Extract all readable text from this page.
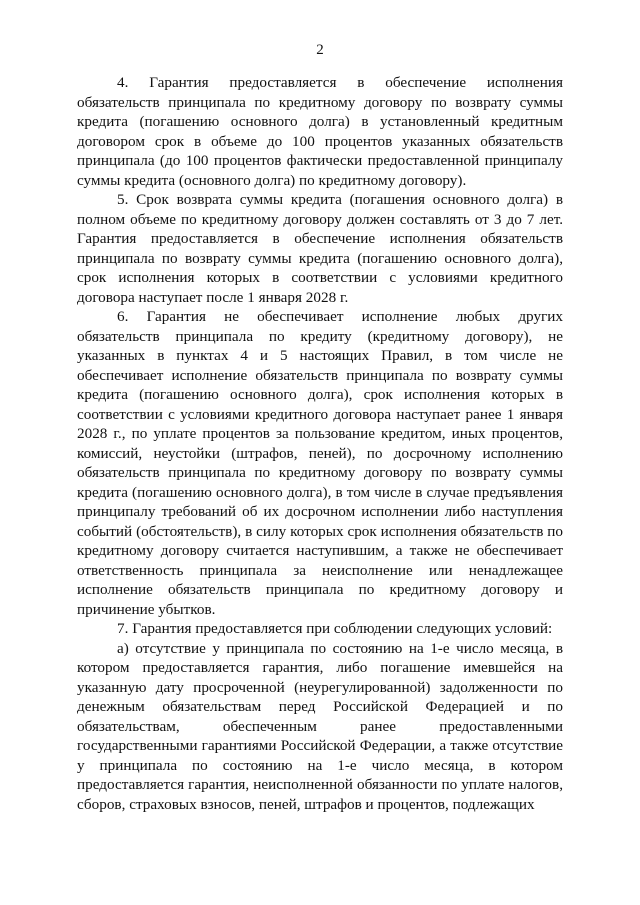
2

4. Гарантия предоставляется в обеспечение исполнения обязательств принципала по кредитному договору по возврату суммы кредита (погашению основного долга) в установленный кредитным договором срок в объеме до 100 процентов указанных обязательств принципала (до 100 процентов фактически предоставленной принципалу суммы кредита (основного долга) по кредитному договору).

5. Срок возврата суммы кредита (погашения основного долга) в полном объеме по кредитному договору должен составлять от 3 до 7 лет. Гарантия предоставляется в обеспечение исполнения обязательств принципала по возврату суммы кредита (погашению основного долга), срок исполнения которых в соответствии с условиями кредитного договора наступает после 1 января 2028 г.

6. Гарантия не обеспечивает исполнение любых других обязательств принципала по кредиту (кредитному договору), не указанных в пунктах 4 и 5 настоящих Правил, в том числе не обеспечивает исполнение обязательств принципала по возврату суммы кредита (погашению основного долга), срок исполнения которых в соответствии с условиями кредитного договора наступает ранее 1 января 2028 г., по уплате процентов за пользование кредитом, иных процентов, комиссий, неустойки (штрафов, пеней), по досрочному исполнению обязательств принципала по кредитному договору по возврату суммы кредита (погашению основного долга), в том числе в случае предъявления принципалу требований об их досрочном исполнении либо наступления событий (обстоятельств), в силу которых срок исполнения обязательств по кредитному договору считается наступившим, а также не обеспечивает ответственность принципала за неисполнение или ненадлежащее исполнение обязательств принципала по кредитному договору и причинение убытков.

7. Гарантия предоставляется при соблюдении следующих условий:

а) отсутствие у принципала по состоянию на 1-е число месяца, в котором предоставляется гарантия, либо погашение имевшейся на указанную дату просроченной (неурегулированной) задолженности по денежным обязательствам перед Российской Федерацией и по обязательствам, обеспеченным ранее предоставленными государственными гарантиями Российской Федерации, а также отсутствие у принципала по состоянию на 1-е число месяца, в котором предоставляется гарантия, неисполненной обязанности по уплате налогов, сборов, страховых взносов, пеней, штрафов и процентов, подлежащих
